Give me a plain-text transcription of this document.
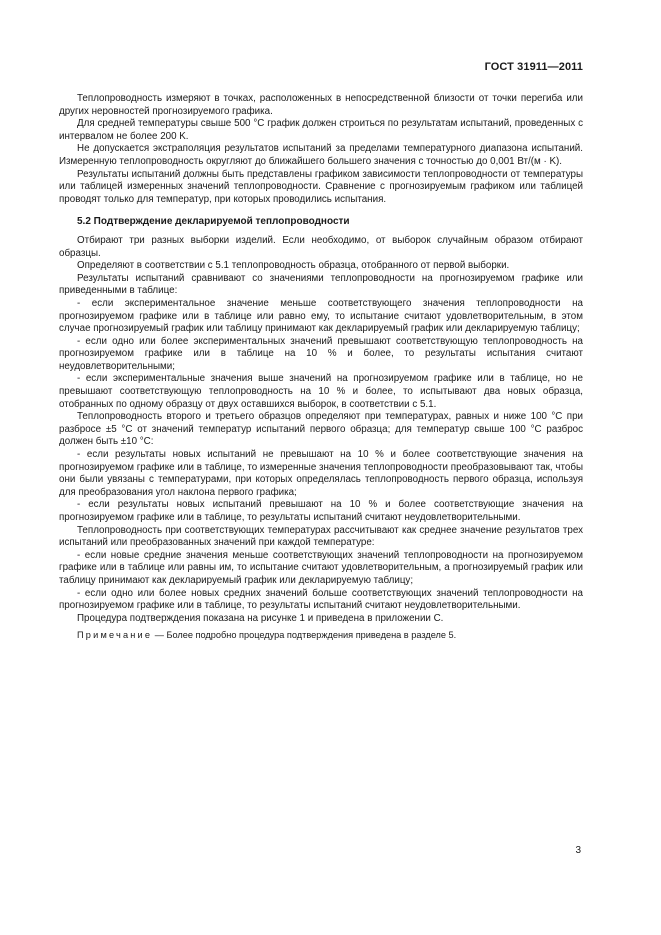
ГОСТ 31911—2011

Теплопроводность измеряют в точках, расположенных в непосредственной близости от точки перегиба или других неровностей прогнозируемого графика.

Для средней температуры свыше 500 °C график должен строиться по результатам испытаний, проведенных с интервалом не более 200 K.

Не допускается экстраполяция результатов испытаний за пределами температурного диапазона испытаний. Измеренную теплопроводность округляют до ближайшего большего значения с точностью до 0,001 Вт/(м · K).

Результаты испытаний должны быть представлены графиком зависимости теплопроводности от температуры или таблицей измеренных значений теплопроводности. Сравнение с прогнозируемым графиком или таблицей проводят только для температур, при которых проводились испытания.

5.2 Подтверждение декларируемой теплопроводности

Отбирают три разных выборки изделий. Если необходимо, от выборок случайным образом отбирают образцы.

Определяют в соответствии с 5.1 теплопроводность образца, отобранного от первой выборки.

Результаты испытаний сравнивают со значениями теплопроводности на прогнозируемом графике или приведенными в таблице:

- если экспериментальное значение меньше соответствующего значения теплопроводности на прогнозируемом графике или в таблице или равно ему, то испытание считают удовлетворительным, в этом случае прогнозируемый график или таблицу принимают как декларируемый график или декларируемую таблицу;

- если одно или более экспериментальных значений превышают соответствующую теплопроводность на прогнозируемом графике или в таблице на 10 % и более, то результаты испытания считают неудовлетворительными;

- если экспериментальные значения выше значений на прогнозируемом графике или в таблице, но не превышают соответствующую теплопроводность на 10 % и более, то испытывают два новых образца, отобранных по одному образцу от двух оставшихся выборок, в соответствии с 5.1.

Теплопроводность второго и третьего образцов определяют при температурах, равных и ниже 100 °C при разбросе ±5 °C от значений температур испытаний первого образца; для температур свыше 100 °C разброс должен быть ±10 °C:

- если результаты новых испытаний не превышают на 10 % и более соответствующие значения на прогнозируемом графике или в таблице, то измеренные значения теплопроводности преобразовывают так, чтобы они были увязаны с температурами, при которых определялась теплопроводность первого образца, используя для преобразования угол наклона первого графика;

- если результаты новых испытаний превышают на 10 % и более соответствующие значения на прогнозируемом графике или в таблице, то результаты испытаний считают неудовлетворительными.

Теплопроводность при соответствующих температурах рассчитывают как среднее значение результатов трех испытаний или преобразованных значений при каждой температуре:

- если новые средние значения меньше соответствующих значений теплопроводности на прогнозируемом графике или в таблице или равны им, то испытание считают удовлетворительным, а прогнозируемый график или таблицу принимают как декларируемый график или декларируемую таблицу;

- если одно или более новых средних значений больше соответствующих значений теплопроводности на прогнозируемом графике или в таблице, то результаты испытаний считают неудовлетворительными.

Процедура подтверждения показана на рисунке 1 и приведена в приложении C.

Примечание — Более подробно процедура подтверждения приведена в разделе 5.

3
